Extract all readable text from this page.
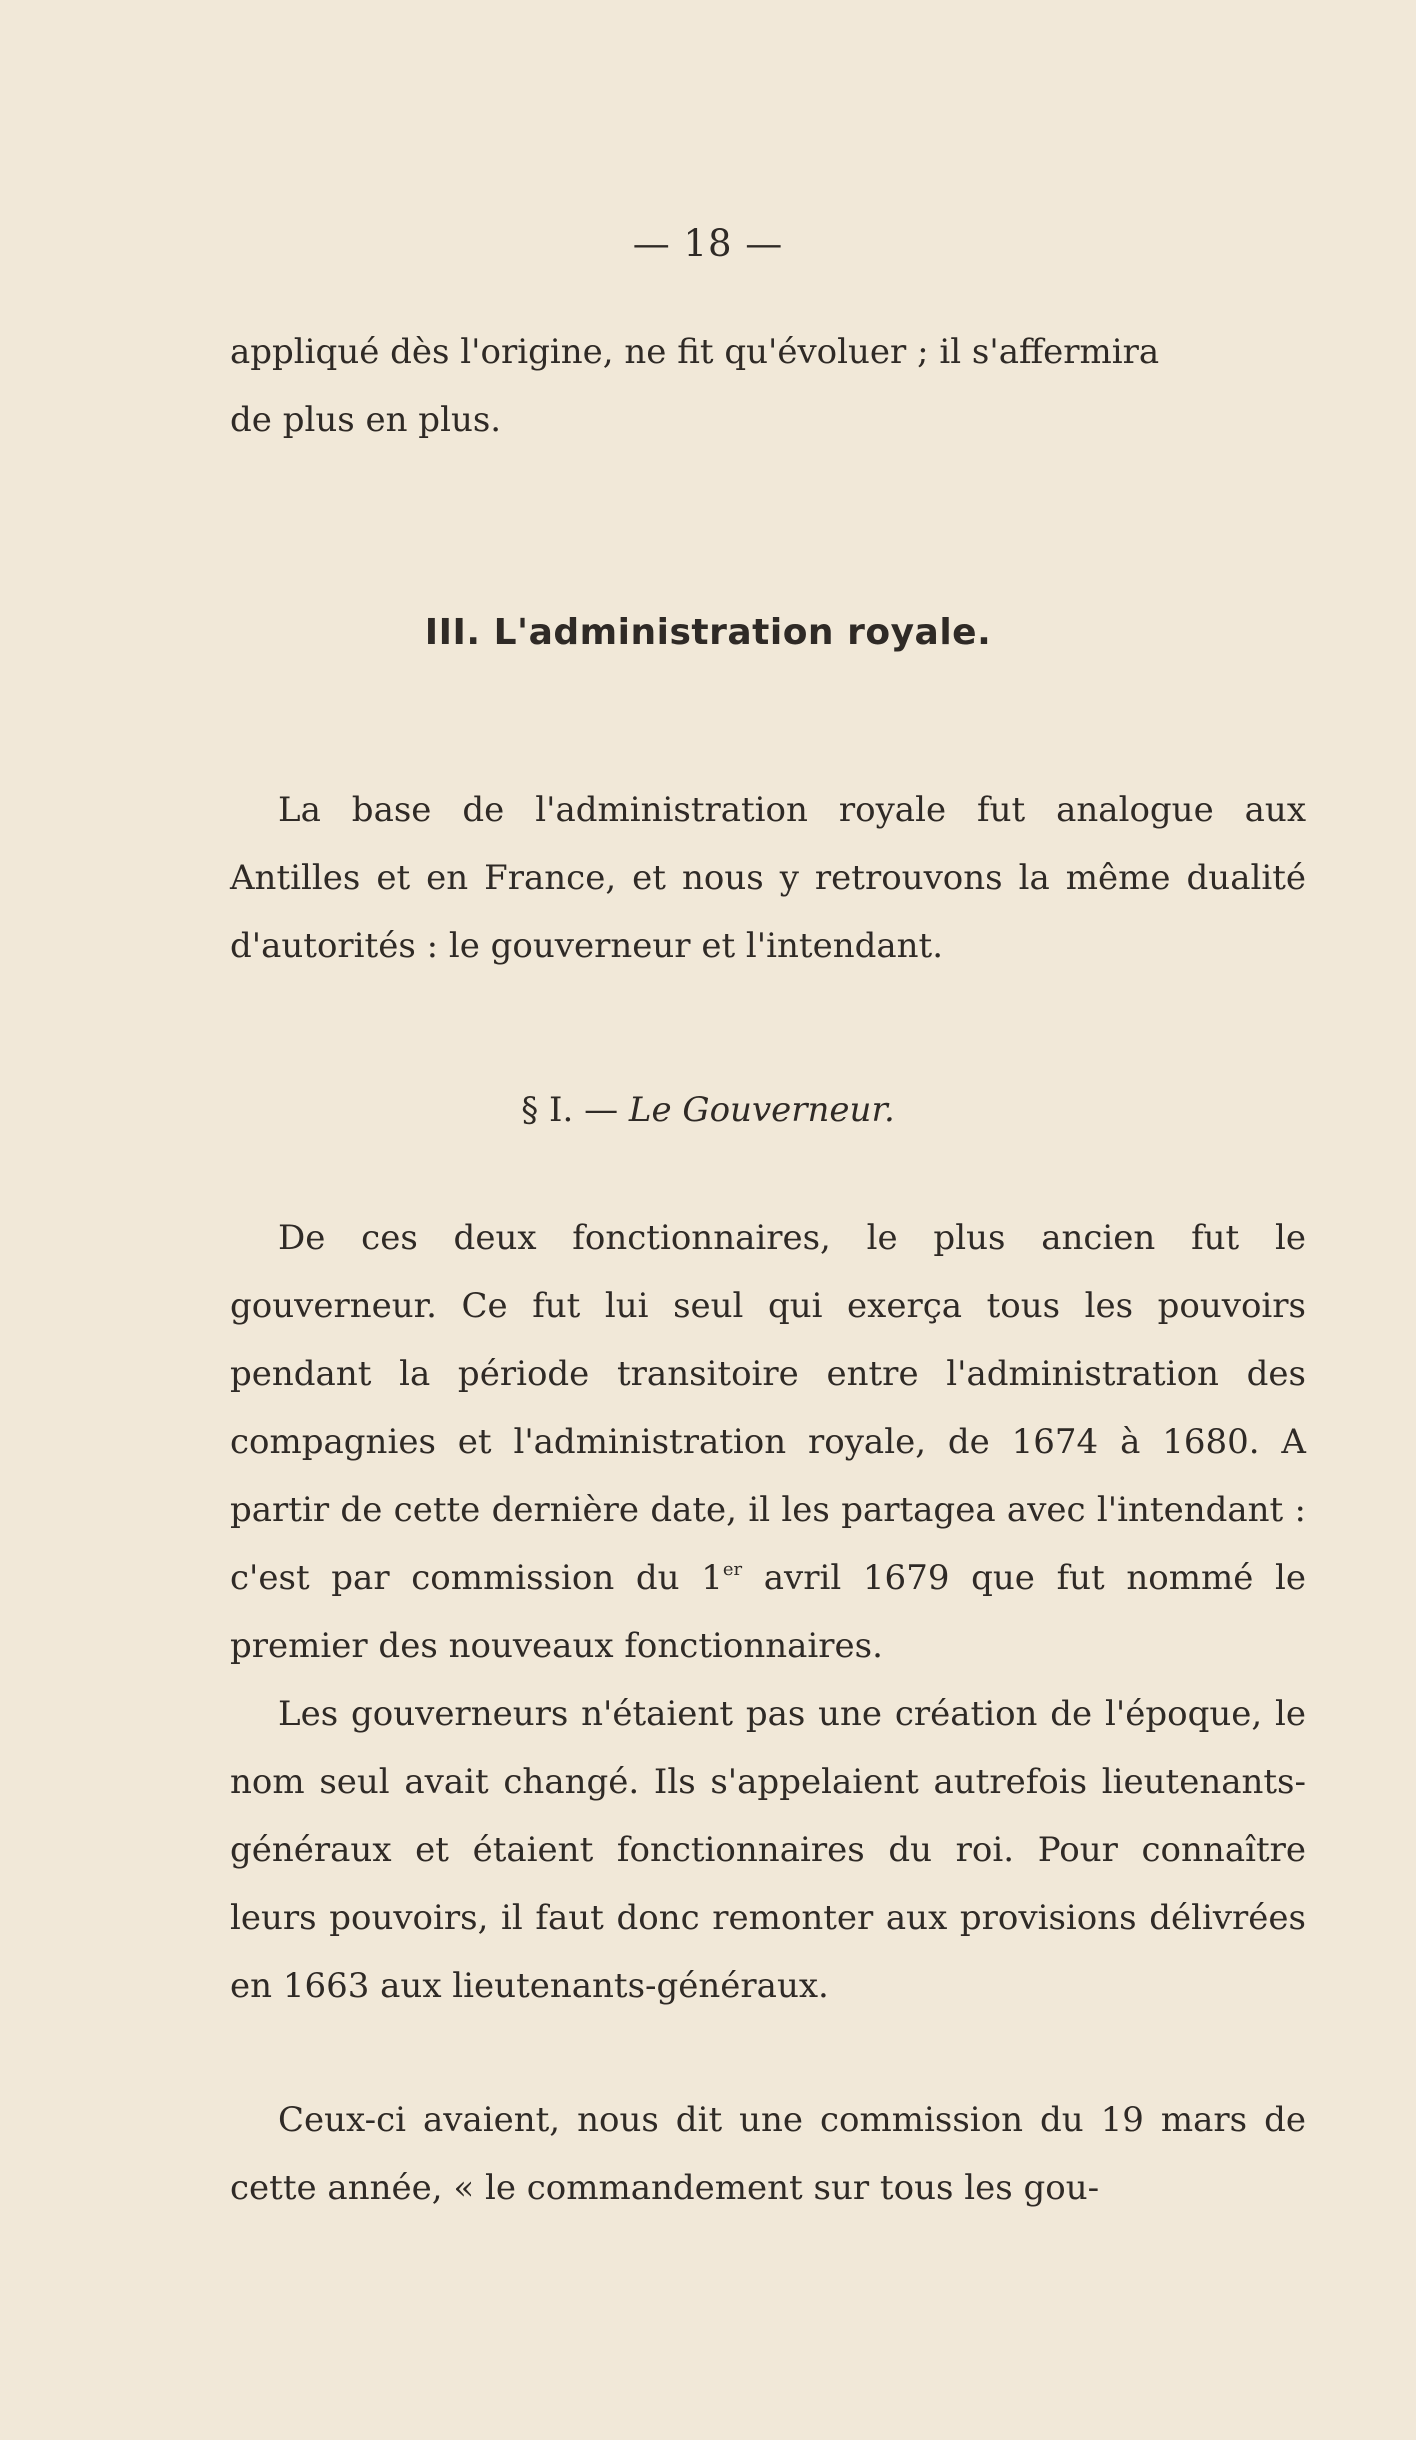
— 18 —

appliqué dès l'origine, ne fit qu'évoluer ; il s'affermira

de plus en plus.

III. L'administration royale.

La base de l'administration royale fut analogue aux Antilles et en France, et nous y retrouvons la même dualité d'autorités : le gouverneur et l'intendant.

§ I. — Le Gouverneur.

De ces deux fonctionnaires, le plus ancien fut le gouverneur. Ce fut lui seul qui exerça tous les pouvoirs pendant la période transitoire entre l'administration des compagnies et l'administration royale, de 1674 à 1680. A partir de cette dernière date, il les partagea avec l'intendant : c'est par commission du 1er avril 1679 que fut nommé le premier des nouveaux fonctionnaires.

Les gouverneurs n'étaient pas une création de l'époque, le nom seul avait changé. Ils s'appelaient autrefois lieutenants-généraux et étaient fonctionnaires du roi. Pour connaître leurs pouvoirs, il faut donc remonter aux provisions délivrées en 1663 aux lieutenants-généraux.

Ceux-ci avaient, nous dit une commission du 19 mars de cette année, « le commandement sur tous les gou-
